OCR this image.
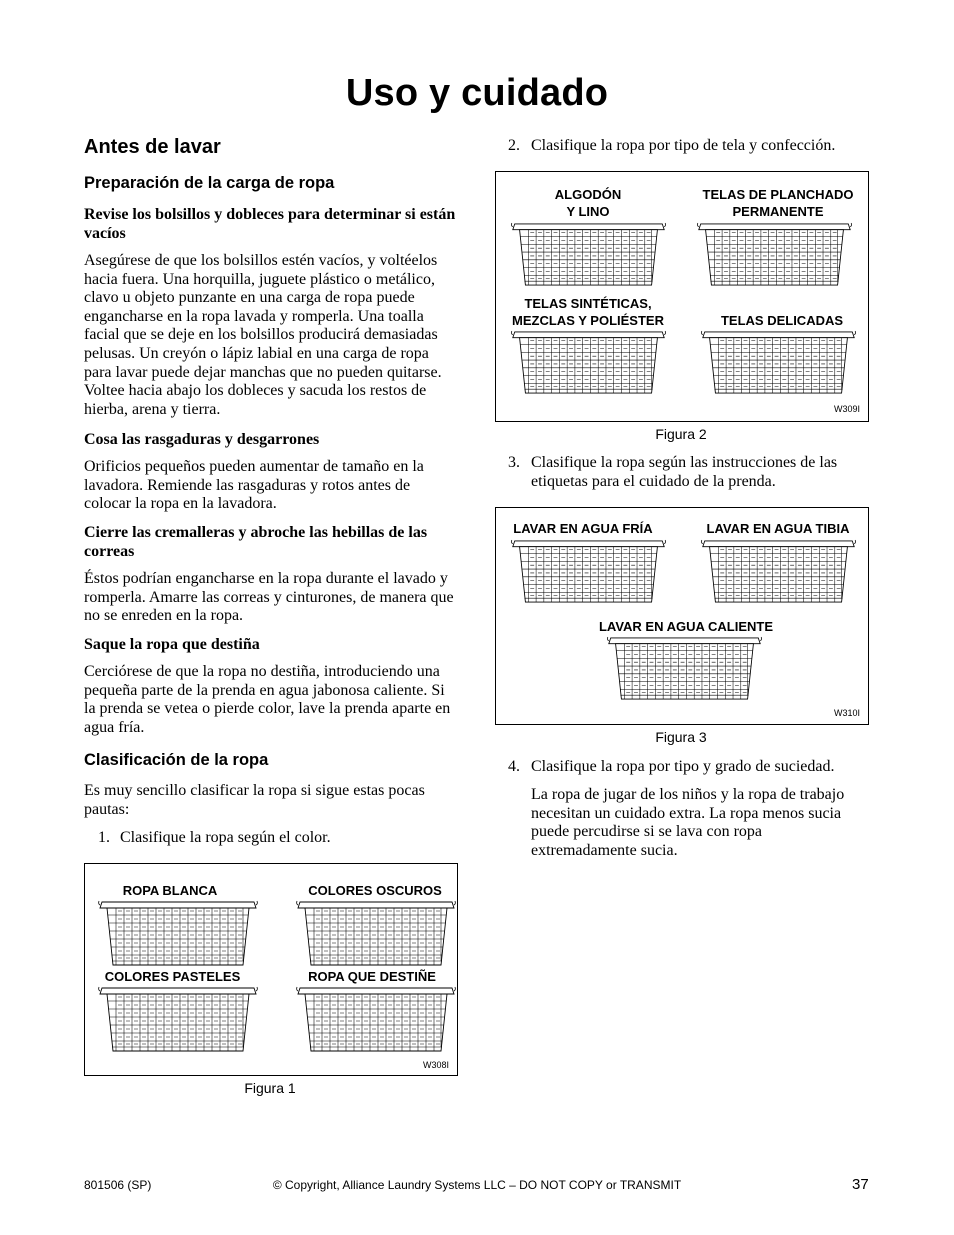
Uso y cuidado
Antes de lavar
Preparación de la carga de ropa
Revise los bolsillos y dobleces para determinar si están vacíos
Asegúrese de que los bolsillos estén vacíos, y voltéelos hacia fuera. Una horquilla, juguete plástico o metálico, clavo u objeto punzante en una carga de ropa puede engancharse en la ropa lavada y romperla. Una toalla facial que se deje en los bolsillos producirá demasiadas pelusas. Un creyón o lápiz labial en una carga de ropa para lavar puede dejar manchas que no pueden quitarse. Voltee hacia abajo los dobleces y sacuda los restos de hierba, arena y tierra.
Cosa las rasgaduras y desgarrones
Orificios pequeños pueden aumentar de tamaño en la lavadora. Remiende las rasgaduras y rotos antes de colocar la ropa en la lavadora.
Cierre las cremalleras y abroche las hebillas de las correas
Éstos podrían engancharse en la ropa durante el lavado y romperla. Amarre las correas y cinturones, de manera que no se enreden en la ropa.
Saque la ropa que destiña
Cerciórese de que la ropa no destiña, introduciendo una pequeña parte de la prenda en agua jabonosa caliente. Si la prenda se vetea o pierde color, lave la prenda aparte en agua fría.
Clasificación de la ropa
Es muy sencillo clasificar la ropa si sigue estas pocas pautas:
1. Clasifique la ropa según el color.
ROPA BLANCA	COLORES OSCUROS
COLORES PASTELES	ROPA QUE DESTIÑE
W308I
Figura 1
2. Clasifique la ropa por tipo de tela y confección.
ALGODÓN
Y LINO
TELAS DE PLANCHADO
PERMANENTE
TELAS SINTÉTICAS,
MEZCLAS Y POLIÉSTER	TELAS DELICADAS
W309I
Figura 2
3. Clasifique la ropa según las instrucciones de las etiquetas para el cuidado de la prenda.
LAVAR EN AGUA FRÍA	LAVAR EN AGUA TIBIA
LAVAR EN AGUA CALIENTE
W310I
Figura 3
4. Clasifique la ropa por tipo y grado de suciedad.
La ropa de jugar de los niños y la ropa de trabajo necesitan un cuidado extra. La ropa menos sucia puede percudirse si se lava con ropa extremadamente sucia.
801506 (SP)	© Copyright, Alliance Laundry Systems LLC – DO NOT COPY or TRANSMIT	37
